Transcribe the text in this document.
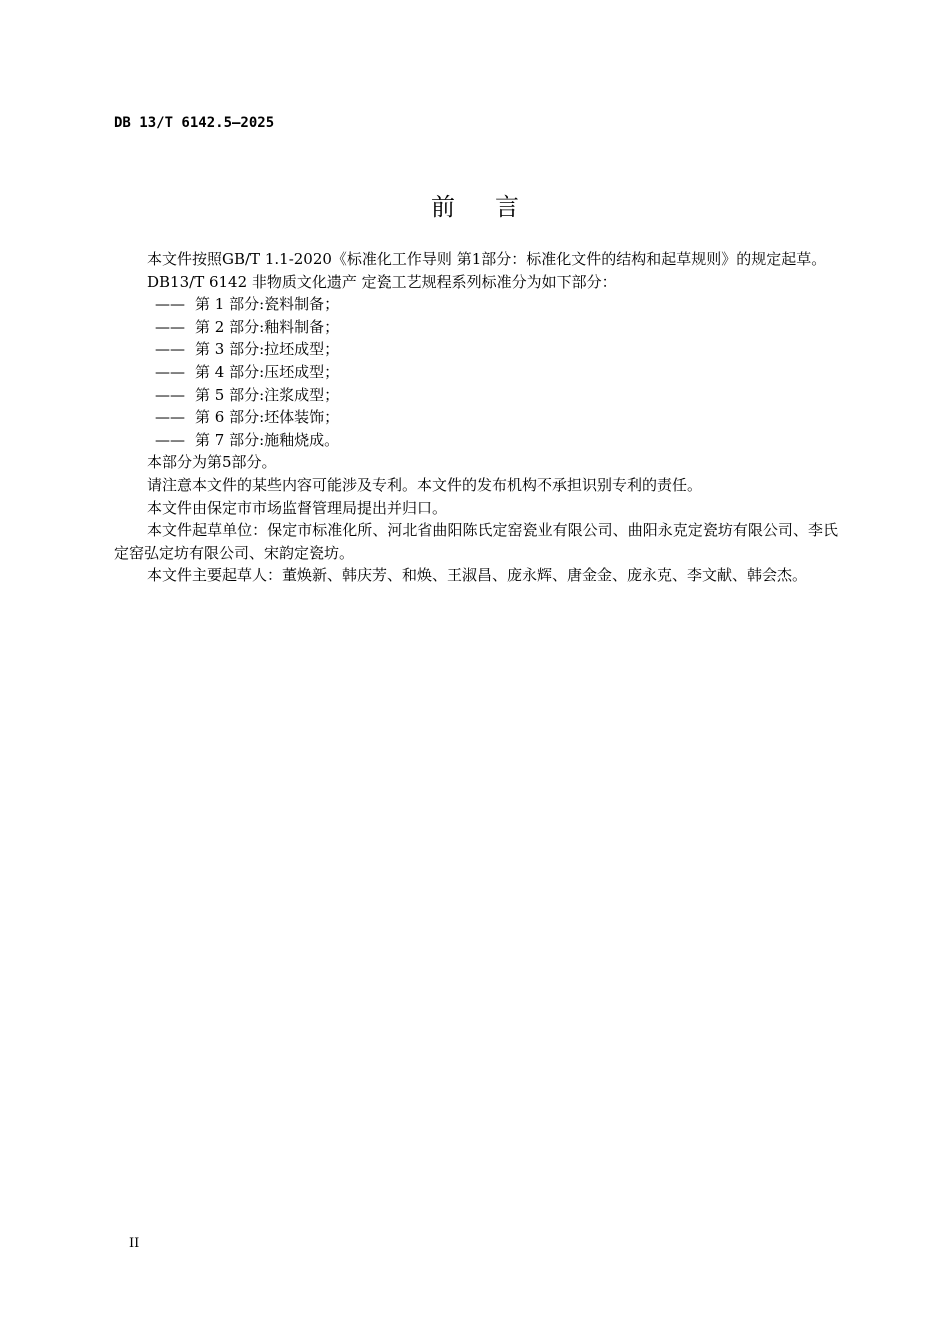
DB 13/T 6142.5—2025
前言

本文件按照GB/T 1.1-2020《标准化工作导则 第1部分：标准化文件的结构和起草规则》的规定起草。

DB13/T 6142 非物质文化遗产 定瓷工艺规程系列标准分为如下部分：

—— 第 1 部分:瓷料制备；

—— 第 2 部分:釉料制备；

—— 第 3 部分:拉坯成型；

—— 第 4 部分:压坯成型；

—— 第 5 部分:注浆成型；

—— 第 6 部分:坯体装饰；

—— 第 7 部分:施釉烧成。

本部分为第5部分。

请注意本文件的某些内容可能涉及专利。本文件的发布机构不承担识别专利的责任。

本文件由保定市市场监督管理局提出并归口。

本文件起草单位：保定市标准化所、河北省曲阳陈氏定窑瓷业有限公司、曲阳永克定瓷坊有限公司、李氏定窑弘定坊有限公司、宋韵定瓷坊。

本文件主要起草人：董焕新、韩庆芳、和焕、王淑昌、庞永辉、唐金金、庞永克、李文献、韩会杰。

II
